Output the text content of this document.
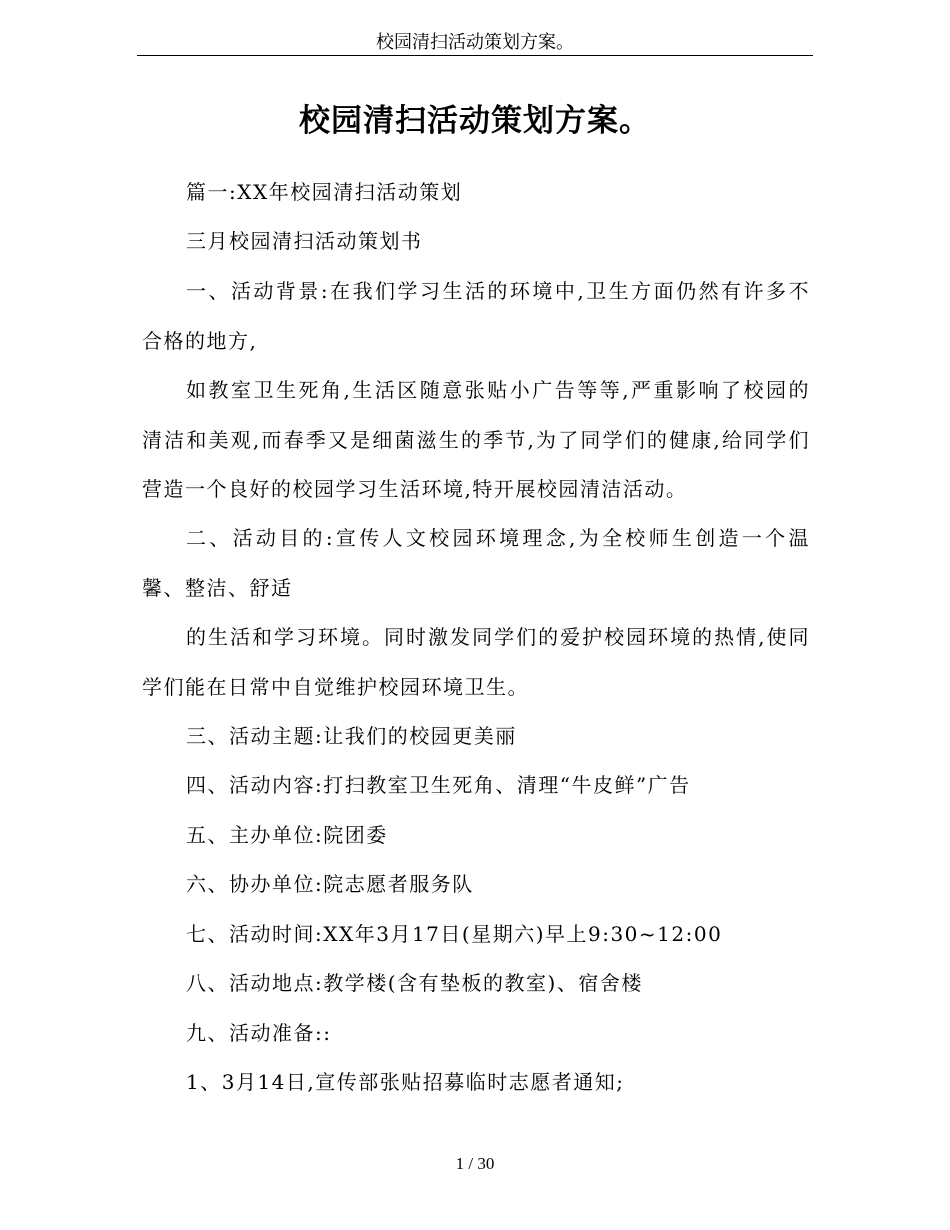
校园清扫活动策划方案。
校园清扫活动策划方案。
篇一:XX年校园清扫活动策划
三月校园清扫活动策划书
一、活动背景:在我们学习生活的环境中,卫生方面仍然有许多不
合格的地方,
如教室卫生死角,生活区随意张贴小广告等等,严重影响了校园的
清洁和美观,而春季又是细菌滋生的季节,为了同学们的健康,给同学们
营造一个良好的校园学习生活环境,特开展校园清洁活动。
二、活动目的:宣传人文校园环境理念,为全校师生创造一个温
馨、整洁、舒适
的生活和学习环境。同时激发同学们的爱护校园环境的热情,使同
学们能在日常中自觉维护校园环境卫生。
三、活动主题:让我们的校园更美丽
四、活动内容:打扫教室卫生死角、清理“牛皮鲜”广告
五、主办单位:院团委
六、协办单位:院志愿者服务队
七、活动时间:XX年3月17日(星期六)早上9:30~12:00
八、活动地点:教学楼(含有垫板的教室)、宿舍楼
九、活动准备::
1、3月14日,宣传部张贴招募临时志愿者通知;
1 / 30
